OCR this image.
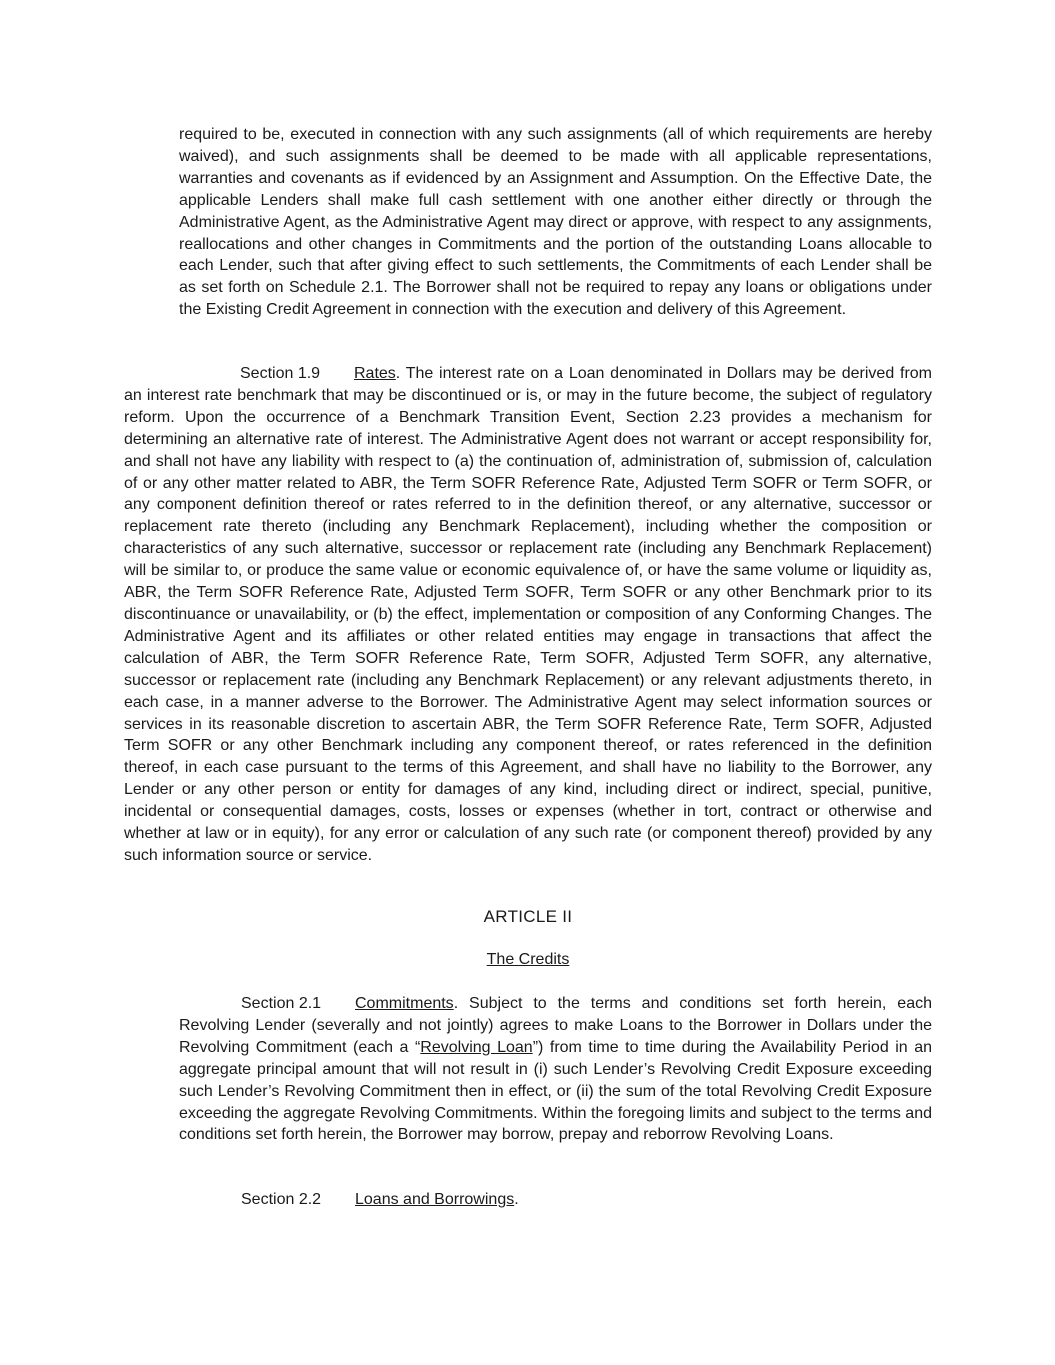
required to be, executed in connection with any such assignments (all of which requirements are hereby waived), and such assignments shall be deemed to be made with all applicable representations, warranties and covenants as if evidenced by an Assignment and Assumption. On the Effective Date, the applicable Lenders shall make full cash settlement with one another either directly or through the Administrative Agent, as the Administrative Agent may direct or approve, with respect to any assignments, reallocations and other changes in Commitments and the portion of the outstanding Loans allocable to each Lender, such that after giving effect to such settlements, the Commitments of each Lender shall be as set forth on Schedule 2.1. The Borrower shall not be required to repay any loans or obligations under the Existing Credit Agreement in connection with the execution and delivery of this Agreement.

Section 1.9 Rates. The interest rate on a Loan denominated in Dollars may be derived from an interest rate benchmark that may be discontinued or is, or may in the future become, the subject of regulatory reform. Upon the occurrence of a Benchmark Transition Event, Section 2.23 provides a mechanism for determining an alternative rate of interest. The Administrative Agent does not warrant or accept responsibility for, and shall not have any liability with respect to (a) the continuation of, administration of, submission of, calculation of or any other matter related to ABR, the Term SOFR Reference Rate, Adjusted Term SOFR or Term SOFR, or any component definition thereof or rates referred to in the definition thereof, or any alternative, successor or replacement rate thereto (including any Benchmark Replacement), including whether the composition or characteristics of any such alternative, successor or replacement rate (including any Benchmark Replacement) will be similar to, or produce the same value or economic equivalence of, or have the same volume or liquidity as, ABR, the Term SOFR Reference Rate, Adjusted Term SOFR, Term SOFR or any other Benchmark prior to its discontinuance or unavailability, or (b) the effect, implementation or composition of any Conforming Changes. The Administrative Agent and its affiliates or other related entities may engage in transactions that affect the calculation of ABR, the Term SOFR Reference Rate, Term SOFR, Adjusted Term SOFR, any alternative, successor or replacement rate (including any Benchmark Replacement) or any relevant adjustments thereto, in each case, in a manner adverse to the Borrower. The Administrative Agent may select information sources or services in its reasonable discretion to ascertain ABR, the Term SOFR Reference Rate, Term SOFR, Adjusted Term SOFR or any other Benchmark including any component thereof, or rates referenced in the definition thereof, in each case pursuant to the terms of this Agreement, and shall have no liability to the Borrower, any Lender or any other person or entity for damages of any kind, including direct or indirect, special, punitive, incidental or consequential damages, costs, losses or expenses (whether in tort, contract or otherwise and whether at law or in equity), for any error or calculation of any such rate (or component thereof) provided by any such information source or service.

ARTICLE II
The Credits

Section 2.1 Commitments. Subject to the terms and conditions set forth herein, each Revolving Lender (severally and not jointly) agrees to make Loans to the Borrower in Dollars under the Revolving Commitment (each a “Revolving Loan”) from time to time during the Availability Period in an aggregate principal amount that will not result in (i) such Lender’s Revolving Credit Exposure exceeding such Lender’s Revolving Commitment then in effect, or (ii) the sum of the total Revolving Credit Exposure exceeding the aggregate Revolving Commitments. Within the foregoing limits and subject to the terms and conditions set forth herein, the Borrower may borrow, prepay and reborrow Revolving Loans.

Section 2.2 Loans and Borrowings.
